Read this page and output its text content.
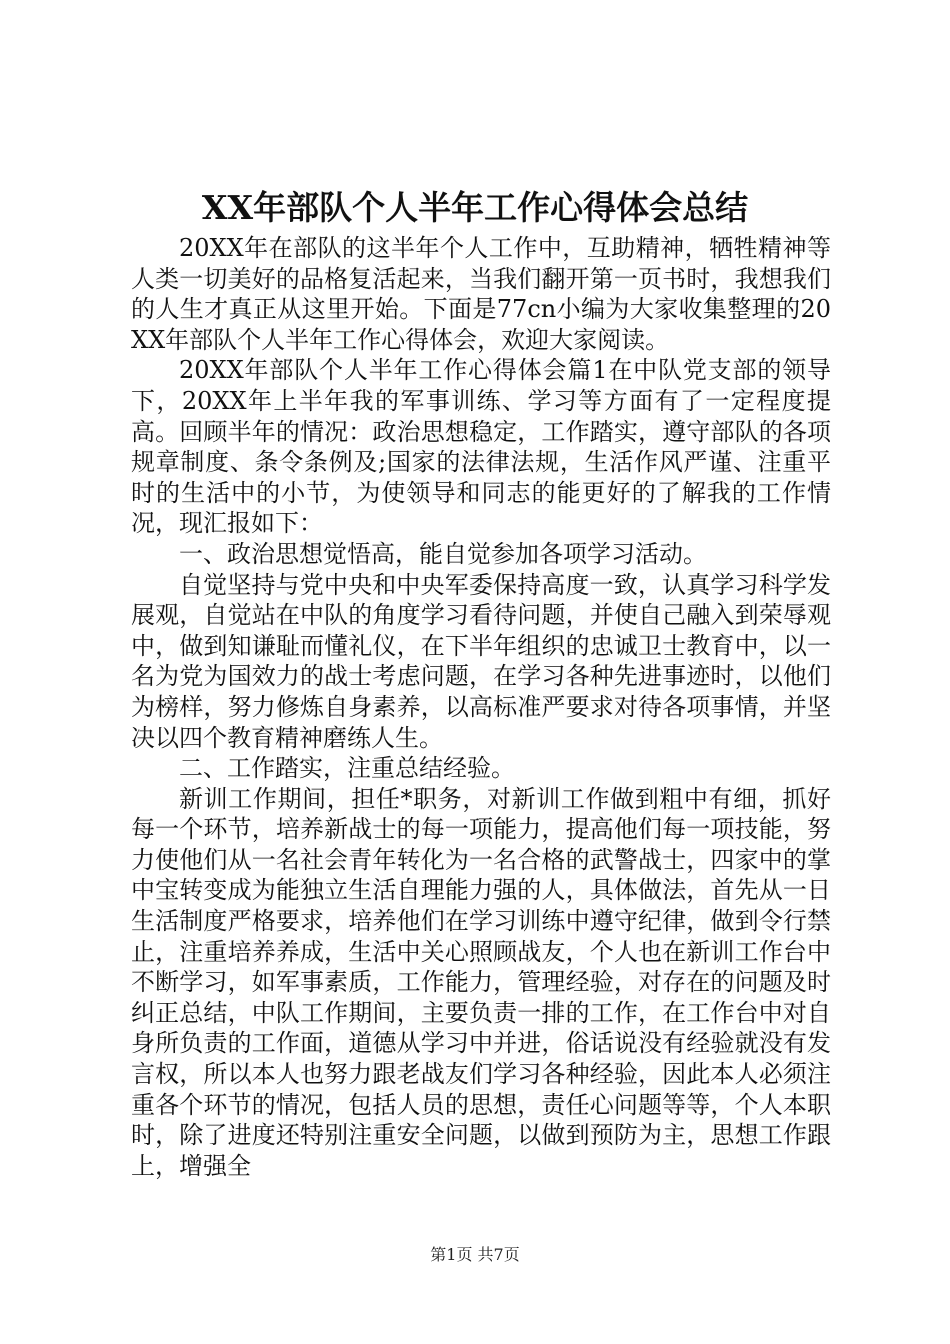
XX年部队个人半年工作心得体会总结

20XX年在部队的这半年个人工作中，互助精神，牺牲精神等人类一切美好的品格复活起来，当我们翻开第一页书时，我想我们的人生才真正从这里开始。下面是77cn小编为大家收集整理的20XX年部队个人半年工作心得体会，欢迎大家阅读。

20XX年部队个人半年工作心得体会篇1在中队党支部的领导下，20XX年上半年我的军事训练、学习等方面有了一定程度提高。回顾半年的情况：政治思想稳定，工作踏实，遵守部队的各项规章制度、条令条例及;国家的法律法规，生活作风严谨、注重平时的生活中的小节，为使领导和同志的能更好的了解我的工作情况，现汇报如下：

一、政治思想觉悟高，能自觉参加各项学习活动。

自觉坚持与党中央和中央军委保持高度一致，认真学习科学发展观，自觉站在中队的角度学习看待问题，并使自己融入到荣辱观中，做到知谦耻而懂礼仪，在下半年组织的忠诚卫士教育中，以一名为党为国效力的战士考虑问题，在学习各种先进事迹时，以他们为榜样，努力修炼自身素养，以高标准严要求对待各项事情，并坚决以四个教育精神磨练人生。

二、工作踏实，注重总结经验。

新训工作期间，担任*职务，对新训工作做到粗中有细，抓好每一个环节，培养新战士的每一项能力，提高他们每一项技能，努力使他们从一名社会青年转化为一名合格的武警战士，四家中的掌中宝转变成为能独立生活自理能力强的人，具体做法，首先从一日生活制度严格要求，培养他们在学习训练中遵守纪律，做到令行禁止，注重培养养成，生活中关心照顾战友，个人也在新训工作台中不断学习，如军事素质，工作能力，管理经验，对存在的问题及时纠正总结，中队工作期间，主要负责一排的工作，在工作台中对自身所负责的工作面，道德从学习中并进，俗话说没有经验就没有发言权，所以本人也努力跟老战友们学习各种经验，因此本人必须注重各个环节的情况，包括人员的思想，责任心问题等等，个人本职时，除了进度还特别注重安全问题，以做到预防为主，思想工作跟上，增强全

第1页 共7页
